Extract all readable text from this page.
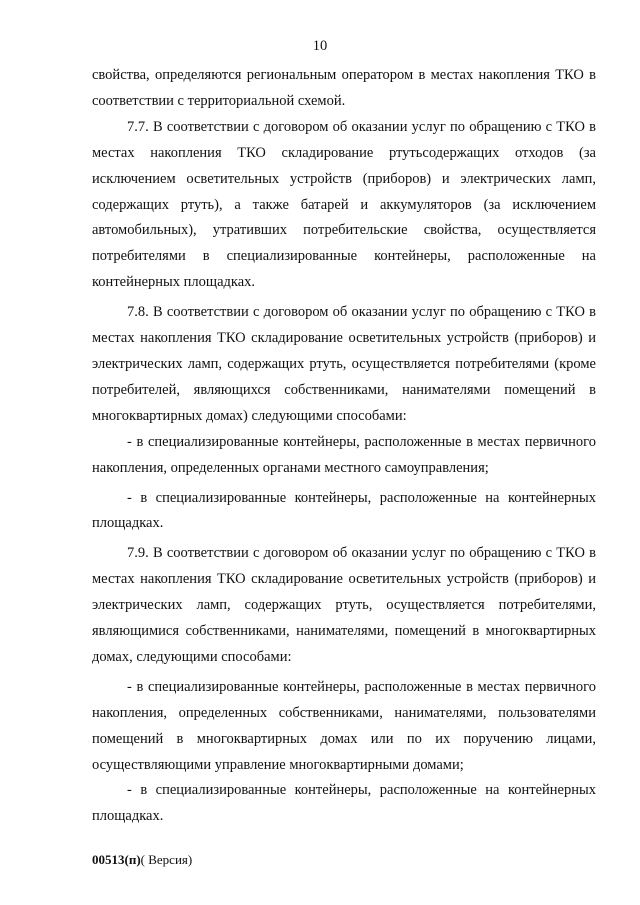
10

свойства, определяются региональным оператором в местах накопления ТКО в соответствии с территориальной схемой.

7.7. В соответствии с договором об оказании услуг по обращению с ТКО в местах накопления ТКО складирование ртутьсодержащих отходов (за исключением осветительных устройств (приборов) и электрических ламп, содержащих ртуть), а также батарей и аккумуляторов (за исключением автомобильных), утративших потребительские свойства, осуществляется потребителями в специализированные контейнеры, расположенные на контейнерных площадках.

7.8. В соответствии с договором об оказании услуг по обращению с ТКО в местах накопления ТКО складирование осветительных устройств (приборов) и электрических ламп, содержащих ртуть, осуществляется потребителями (кроме потребителей, являющихся собственниками, нанимателями помещений в многоквартирных домах) следующими способами:

- в специализированные контейнеры, расположенные в местах первичного накопления, определенных органами местного самоуправления;

- в специализированные контейнеры, расположенные на контейнерных площадках.

7.9. В соответствии с договором об оказании услуг по обращению с ТКО в местах накопления ТКО складирование осветительных устройств (приборов) и электрических ламп, содержащих ртуть, осуществляется потребителями, являющимися собственниками, нанимателями, помещений в многоквартирных домах, следующими способами:

- в специализированные контейнеры, расположенные в местах первичного накопления, определенных собственниками, нанимателями, пользователями помещений в многоквартирных домах или по их поручению лицами, осуществляющими управление многоквартирными домами;

- в специализированные контейнеры, расположенные на контейнерных площадках.

00513(п)( Версия)
